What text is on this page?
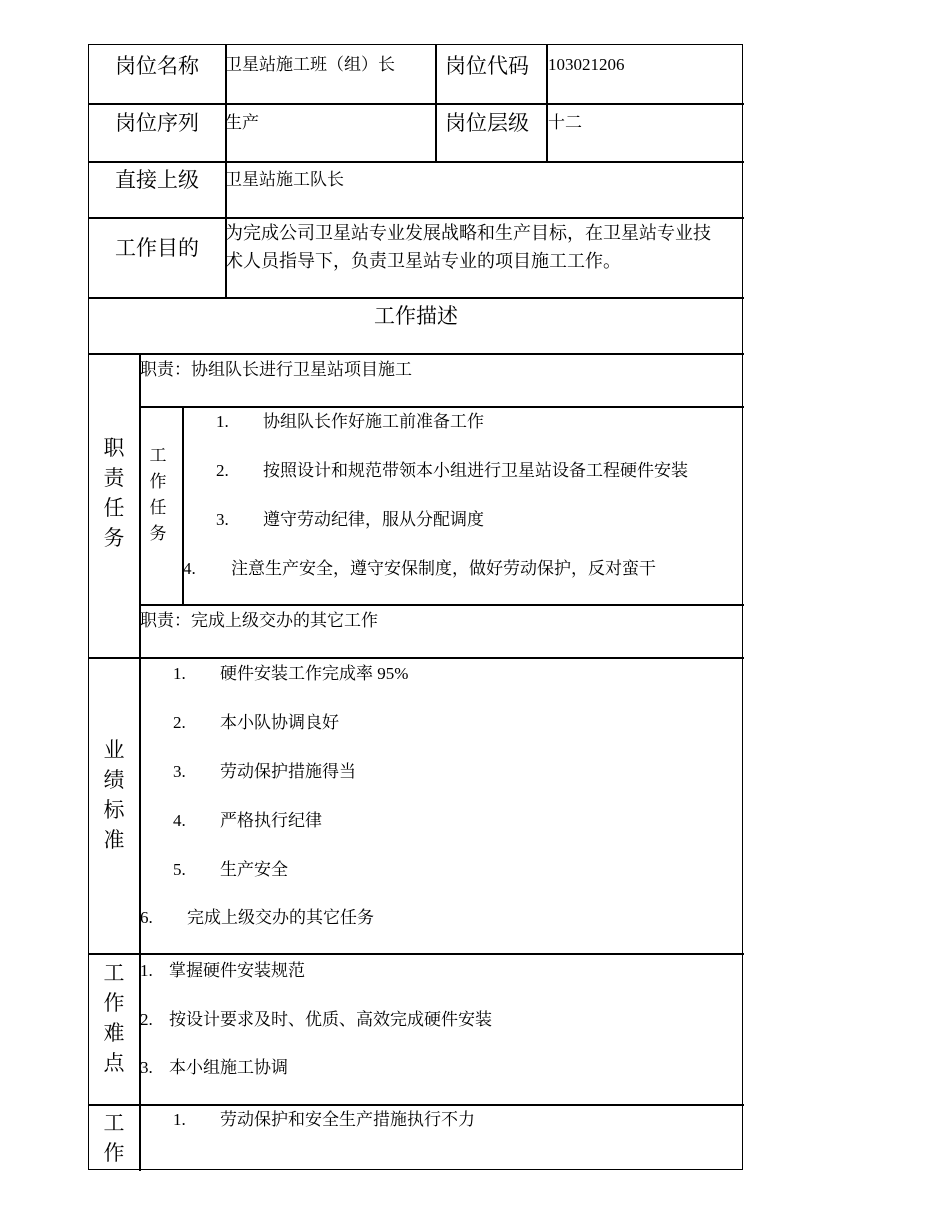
岗位名称 卫星站施工班（组）长 岗位代码 103021206
岗位序列 生产	岗位层级 十二
直接上级 卫星站施工队长
工作目的
为完成公司卫星站专业发展战略和生产目标，在卫星站专业技
术人员指导下，负责卫星站专业的项目施工工作。
工作描述
职责任务
职责：协组队长进行卫星站项目施工
工作任务
1. 协组队长作好施工前准备工作
2. 按照设计和规范带领本小组进行卫星站设备工程硬件安装
3. 遵守劳动纪律，服从分配调度
4. 注意生产安全，遵守安保制度，做好劳动保护，反对蛮干
职责：完成上级交办的其它工作
业绩标准
1. 硬件安装工作完成率 95%
2. 本小队协调良好
3. 劳动保护措施得当
4. 严格执行纪律
5. 生产安全
6. 完成上级交办的其它任务
工作难点
1. 掌握硬件安装规范
2. 按设计要求及时、优质、高效完成硬件安装
3. 本小组施工协调
工作
1. 劳动保护和安全生产措施执行不力
